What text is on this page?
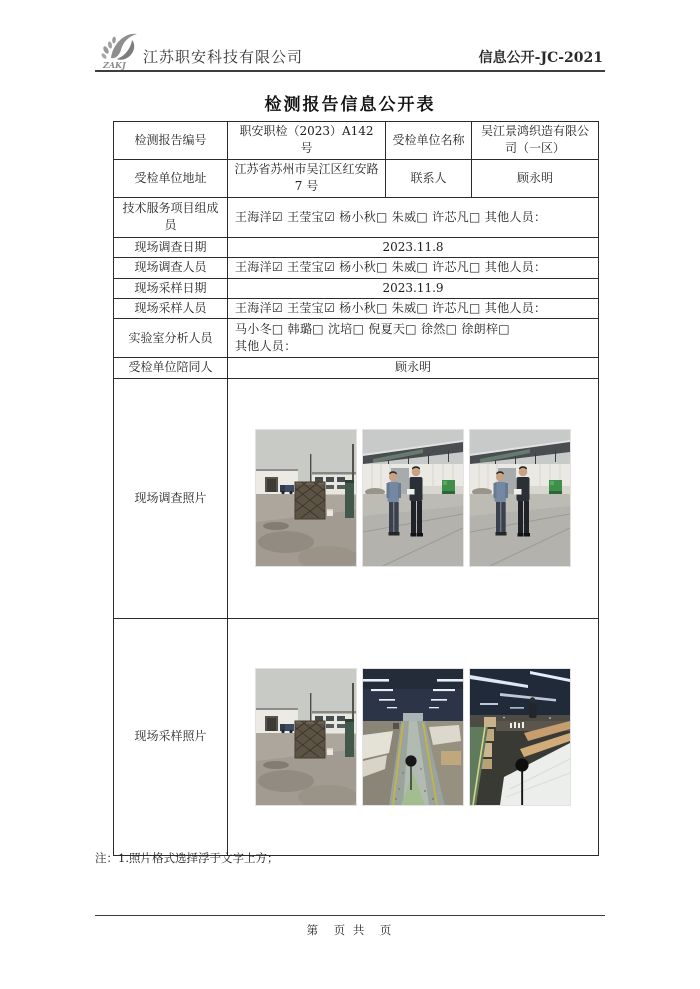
ZAKJ 江苏职安科技有限公司	信息公开-JC-2021
检测报告信息公开表
检测报告编号	职安职检（2023）A142 号	受检单位名称	吴江景鸿织造有限公司（一区）
受检单位地址	江苏省苏州市吴江区红安路7 号	联系人	顾永明
技术服务项目组成员	王海洋☑ 王莹宝☑ 杨小秋□ 朱威□ 许芯凡□ 其他人员：		
现场调查日期	2023.11.8		
现场调查人员	王海洋☑ 王莹宝☑ 杨小秋□ 朱威□ 许芯凡□ 其他人员：		
现场采样日期	2023.11.9		
现场采样人员	王海洋☑ 王莹宝☑ 杨小秋□ 朱威□ 许芯凡□ 其他人员：		
实验室分析人员	马小冬□ 韩璐□ 沈培□ 倪夏天□ 徐然□ 徐朗梓□
其他人员：		

受检单位陪同人	顾永明		
现场调查照片	

现场采样照片	
注：1.照片格式选择浮于文字上方；
第　页 共　页
